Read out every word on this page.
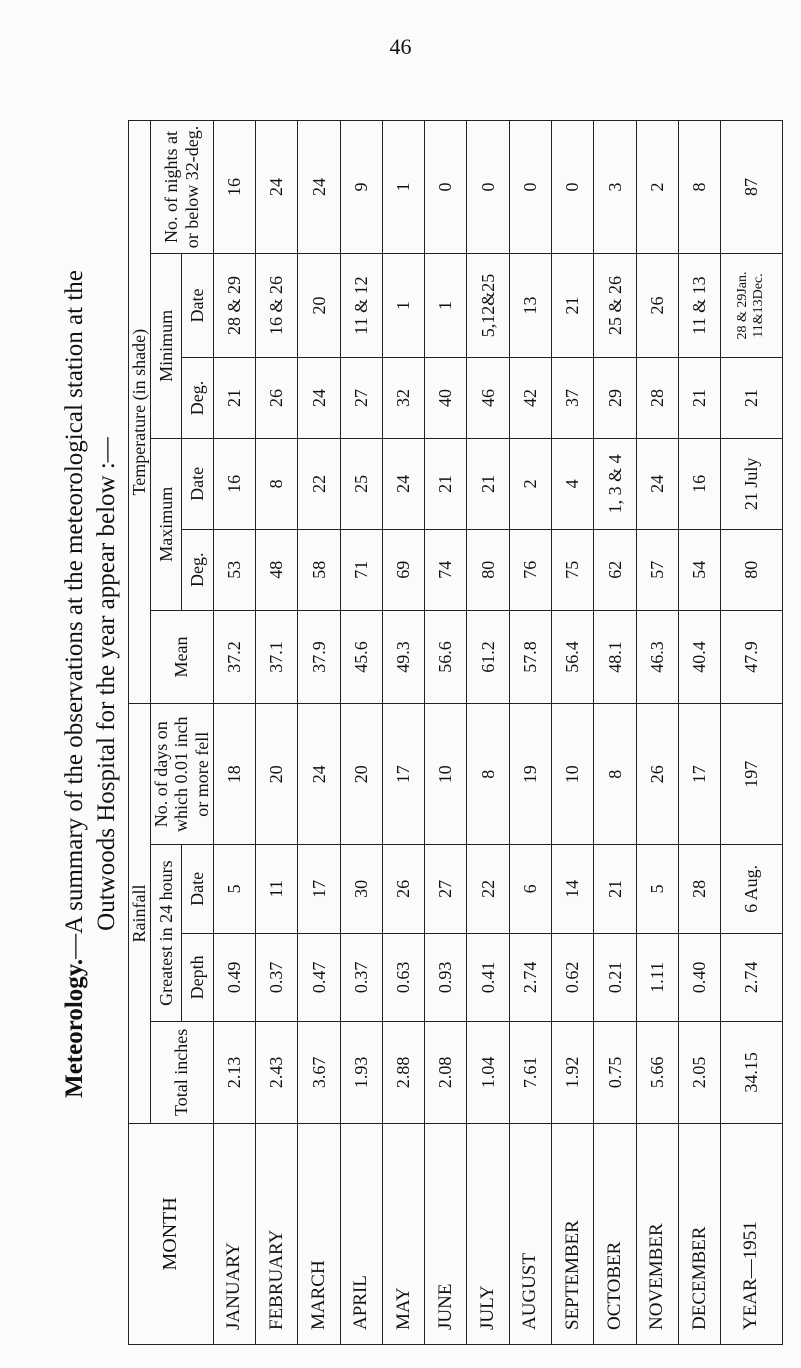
46
Meteorology.—A summary of the observations at the meteorological station at the Outwoods Hospital for the year appear below :—
MONTH	Rainfall				Temperature (in shade)					
	Total inches	Greatest in 24 hours		No. of days on which 0.01 inch or more fell	Mean	Maximum		Minimum		No. of nights at or below 32-deg.
		Depth	Date			Deg.	Date	Deg.	Date	
JANUARY	2.13	0.49	5	18	37.2	53	16	21	28 & 29	16
FEBRUARY	2.43	0.37	11	20	37.1	48	8	26	16 & 26	24
MARCH	3.67	0.47	17	24	37.9	58	22	24	20	24
APRIL	1.93	0.37	30	20	45.6	71	25	27	11 & 12	9
MAY	2.88	0.63	26	17	49.3	69	24	32	1	1
JUNE	2.08	0.93	27	10	56.6	74	21	40	1	0
JULY	1.04	0.41	22	8	61.2	80	21	46	5,12&25	0
AUGUST	7.61	2.74	6	19	57.8	76	2	42	13	0
SEPTEMBER	1.92	0.62	14	10	56.4	75	4	37	21	0
OCTOBER	0.75	0.21	21	8	48.1	62	1, 3 & 4	29	25 & 26	3
NOVEMBER	5.66	1.11	5	26	46.3	57	24	28	26	2
DECEMBER	2.05	0.40	28	17	40.4	54	16	21	11 & 13	8
YEAR—1951	34.15	2.74	6 Aug.	197	47.9	80	21 July	21	28 & 29Jan. 11&13Dec.	87
